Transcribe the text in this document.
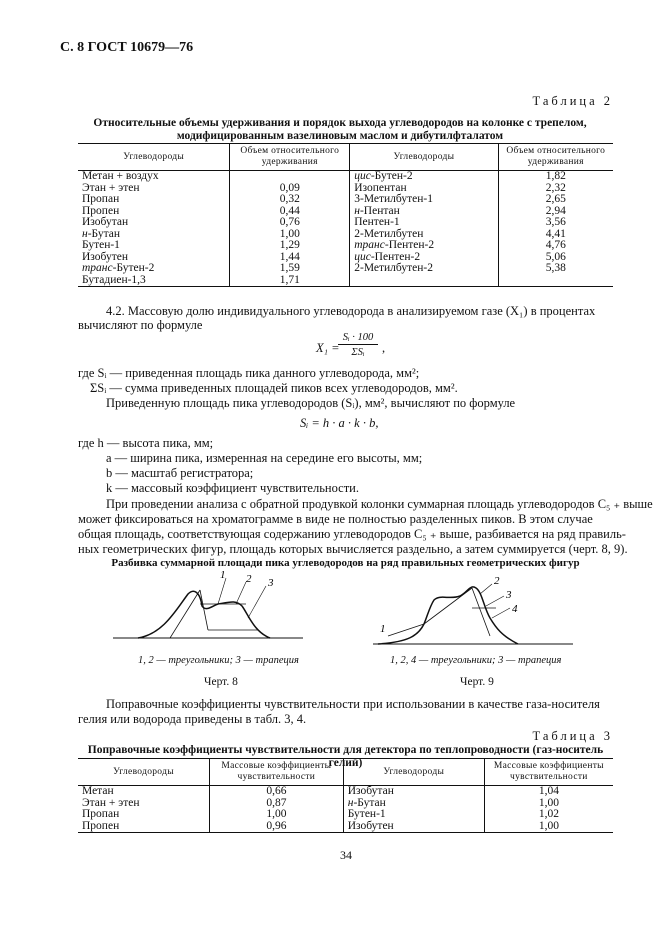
С. 8 ГОСТ 10679—76
Таблица 2
Относительные объемы удерживания и порядок выхода углеводородов на колонке с трепелом,
модифицированным вазелиновым маслом и дибутилфталатом
Углеводороды	Объем относительного удерживания	Углеводороды	Объем относительного удерживания
Метан + воздух		цис-Бутен-2	1,82
Этан + этен	0,09	Изопентан	2,32
Пропан	0,32	3-Метилбутен-1	2,65
Пропен	0,44	н-Пентан	2,94
Изобутан	0,76	Пентен-1	3,56
н-Бутан	1,00	2-Метилбутен	4,41
Бутен-1	1,29	транс-Пентен-2	4,76
Изобутен	1,44	цис-Пентен-2	5,06
транс-Бутен-2	1,59	2-Метилбутен-2	5,38
Бутадиен-1,3	1,71		
4.2. Массовую долю индивидуального углеводорода в анализируемом газе (X₁) в процентах
вычисляют по формуле
X₁ =
Sᵢ · 100
ΣSᵢ	,
где Sᵢ — приведенная площадь пика данного углеводорода, мм²;
ΣSᵢ — сумма приведенных площадей пиков всех углеводородов, мм².
Приведенную площадь пика углеводородов (Sᵢ), мм², вычисляют по формуле
Sᵢ = h · a · k · b,
где h — высота пика, мм;
a — ширина пика, измеренная на середине его высоты, мм;
b — масштаб регистратора;
k — массовый коэффициент чувствительности.
При проведении анализа с обратной продувкой колонки суммарная площадь углеводородов C₅ ₊ выше
может фиксироваться на хроматограмме в виде не полностью разделенных пиков. В этом случае
общая площадь, соответствующая содержанию углеводородов C₅ ₊ выше, разбивается на ряд правиль-
ных геометрических фигур, площадь которых вычисляется раздельно, а затем суммируется (черт. 8, 9).
Разбивка суммарной площади пика углеводородов на ряд правильных геометрических фигур
1 2 3
1
2
3
4
1, 2 — треугольники; 3 — трапеция	1, 2, 4 — треугольники; 3 — трапеция
Черт. 8	Черт. 9
Поправочные коэффициенты чувствительности при использовании в качестве газа-носителя
гелия или водорода приведены в табл. 3, 4.
Таблица 3
Поправочные коэффициенты чувствительности для детектора по теплопроводности (газ-носитель гелий)
Углеводороды	Массовые коэффициенты чувствительности	Углеводороды	Массовые коэффициенты чувствительности
Метан	0,66	Изобутан	1,04
Этан + этен	0,87	н-Бутан	1,00
Пропан	1,00	Бутен-1	1,02
Пропен	0,96	Изобутен	1,00
34
